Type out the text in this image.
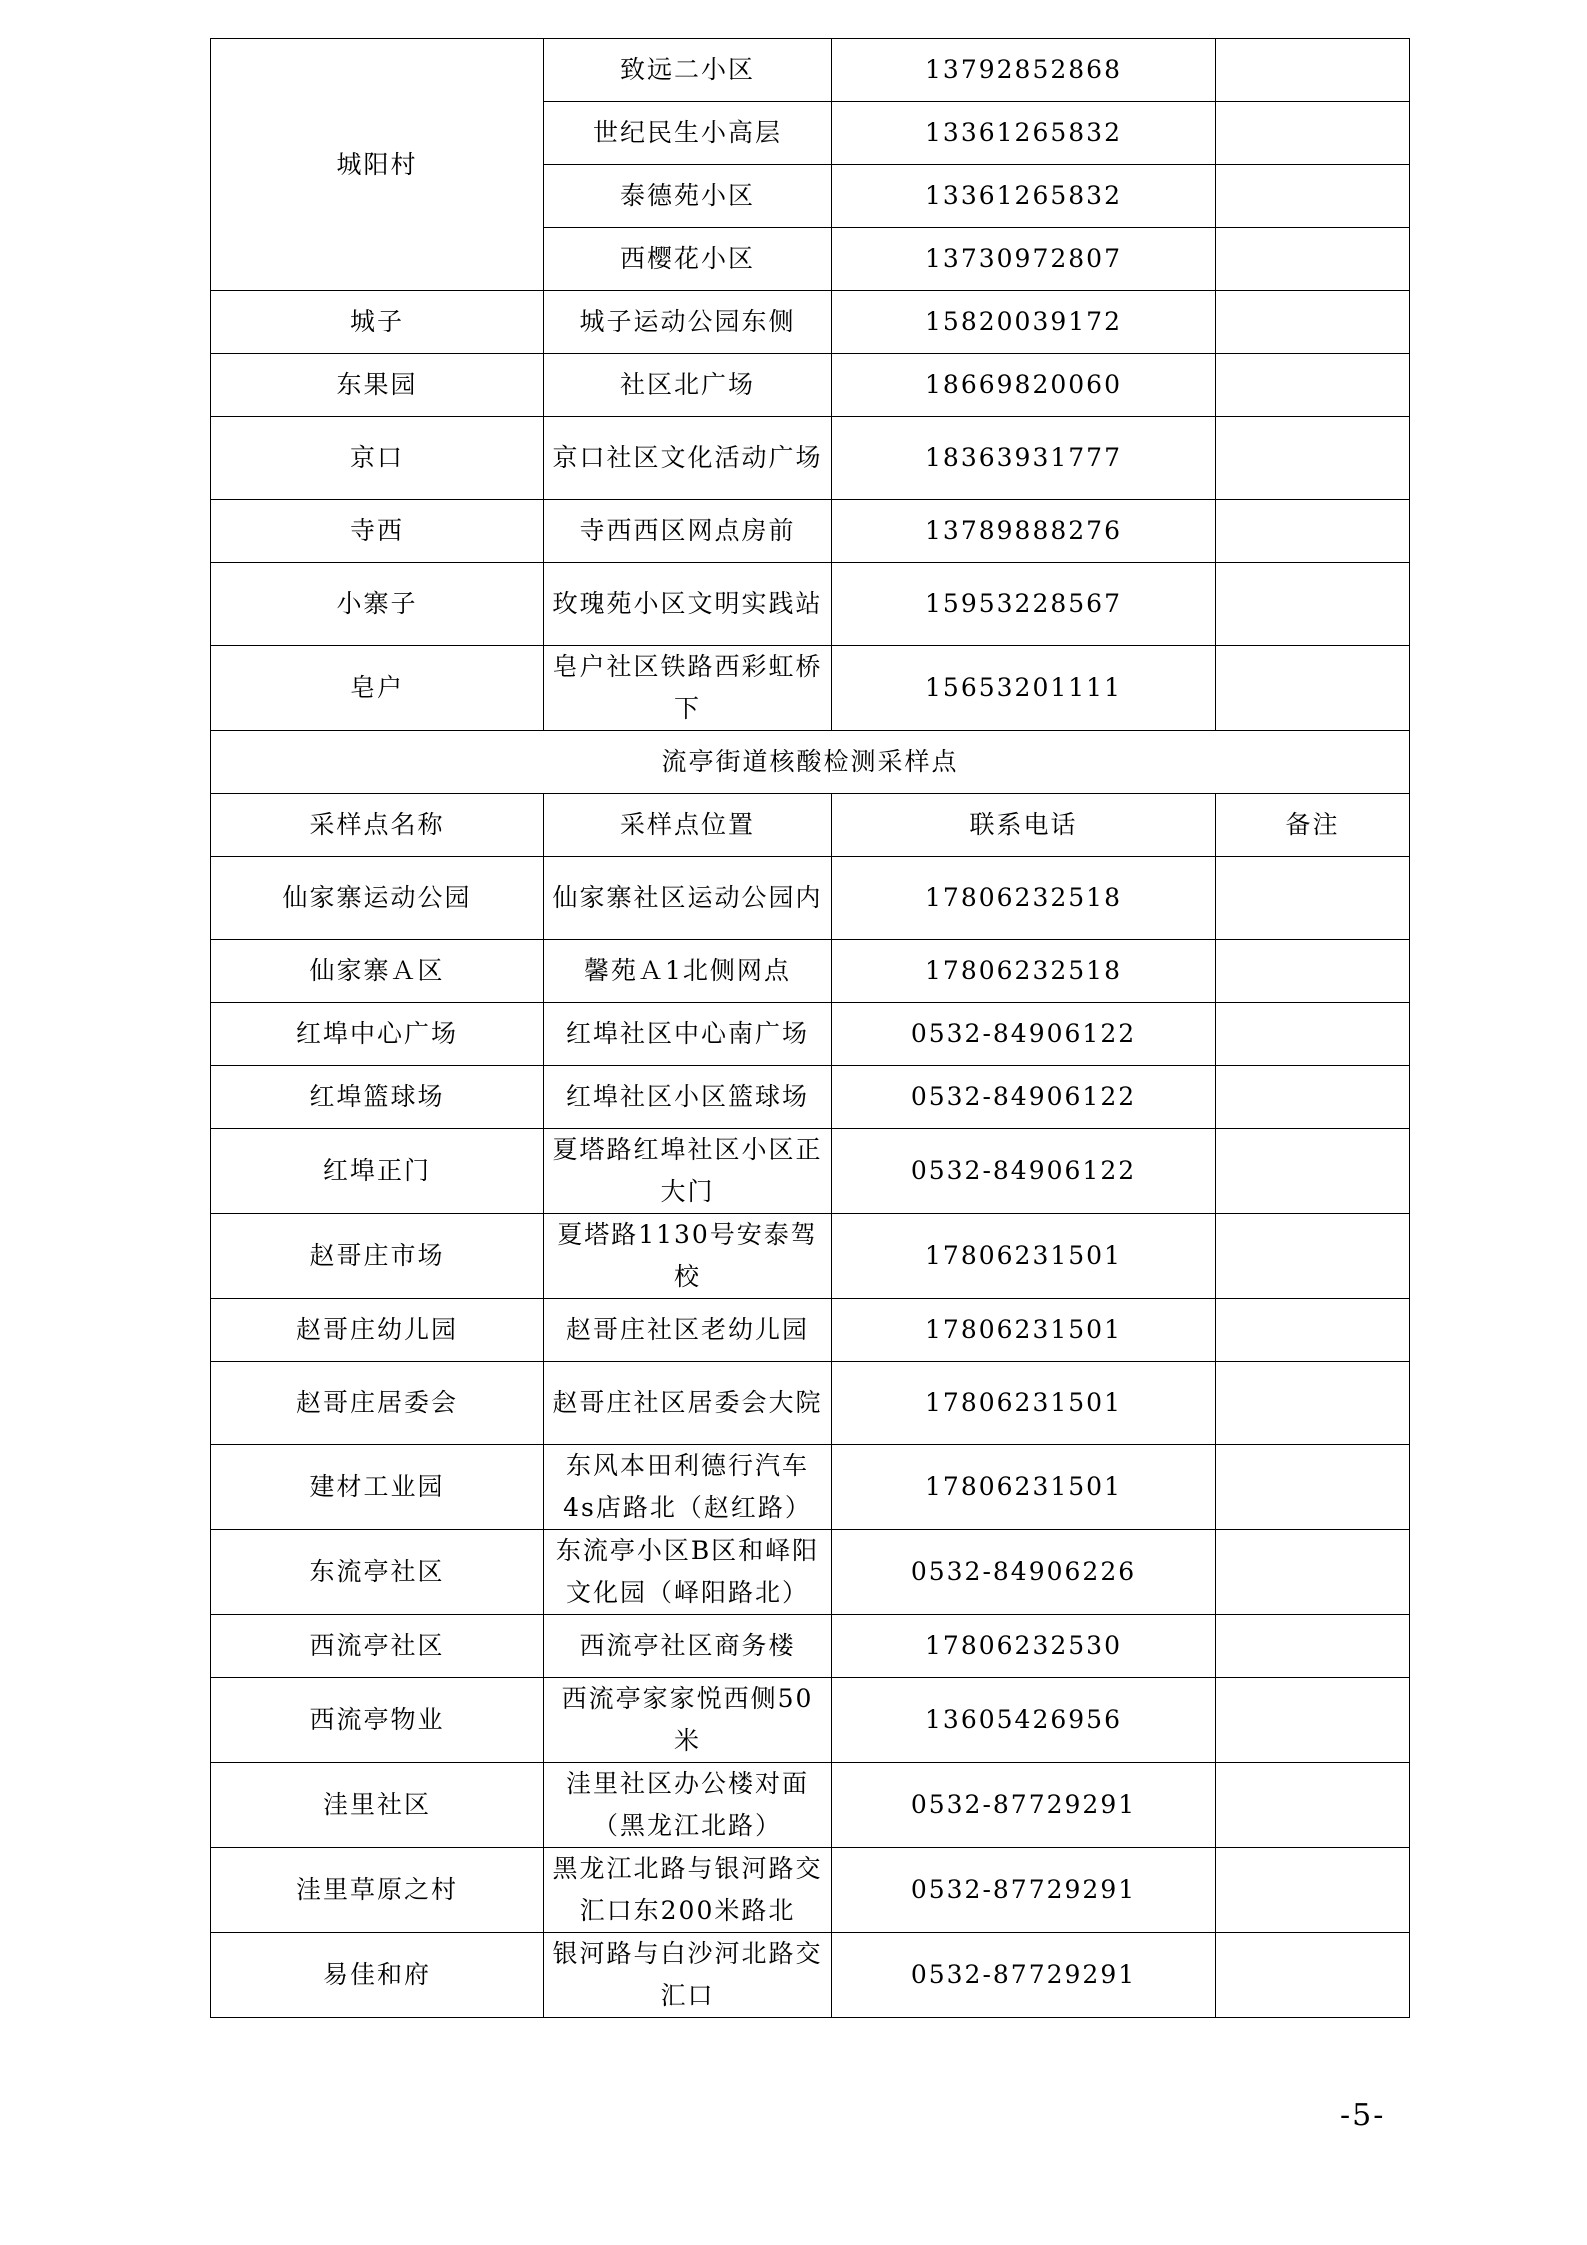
城阳村	致远二小区	13792852868	
	世纪民生小高层	13361265832	
	泰德苑小区	13361265832	
	西樱花小区	13730972807	
城子	城子运动公园东侧	15820039172	
东果园	社区北广场	18669820060	
京口	京口社区文化活动广场	18363931777	
寺西	寺西西区网点房前	13789888276	
小寨子	玫瑰苑小区文明实践站	15953228567	
皂户	皂户社区铁路西彩虹桥下	15653201111	
流亭街道核酸检测采样点			
采样点名称	采样点位置	联系电话	备注
仙家寨运动公园	仙家寨社区运动公园内	17806232518	
仙家寨Ａ区	馨苑Ａ1北侧网点	17806232518	
红埠中心广场	红埠社区中心南广场	0532-84906122	
红埠篮球场	红埠社区小区篮球场	0532-84906122	
红埠正门	夏塔路红埠社区小区正大门	0532-84906122	
赵哥庄市场	夏塔路1130号安泰驾校	17806231501	
赵哥庄幼儿园	赵哥庄社区老幼儿园	17806231501	
赵哥庄居委会	赵哥庄社区居委会大院	17806231501	
建材工业园	东风本田利德行汽车4s店路北（赵红路）	17806231501	
东流亭社区	东流亭小区B区和峄阳文化园（峄阳路北）	0532-84906226	
西流亭社区	西流亭社区商务楼	17806232530	
西流亭物业	西流亭家家悦西侧50米	13605426956	
洼里社区	洼里社区办公楼对面（黑龙江北路）	0532-87729291	
洼里草原之村	黑龙江北路与银河路交汇口东200米路北	0532-87729291	
易佳和府	银河路与白沙河北路交汇口	0532-87729291	
-5-
